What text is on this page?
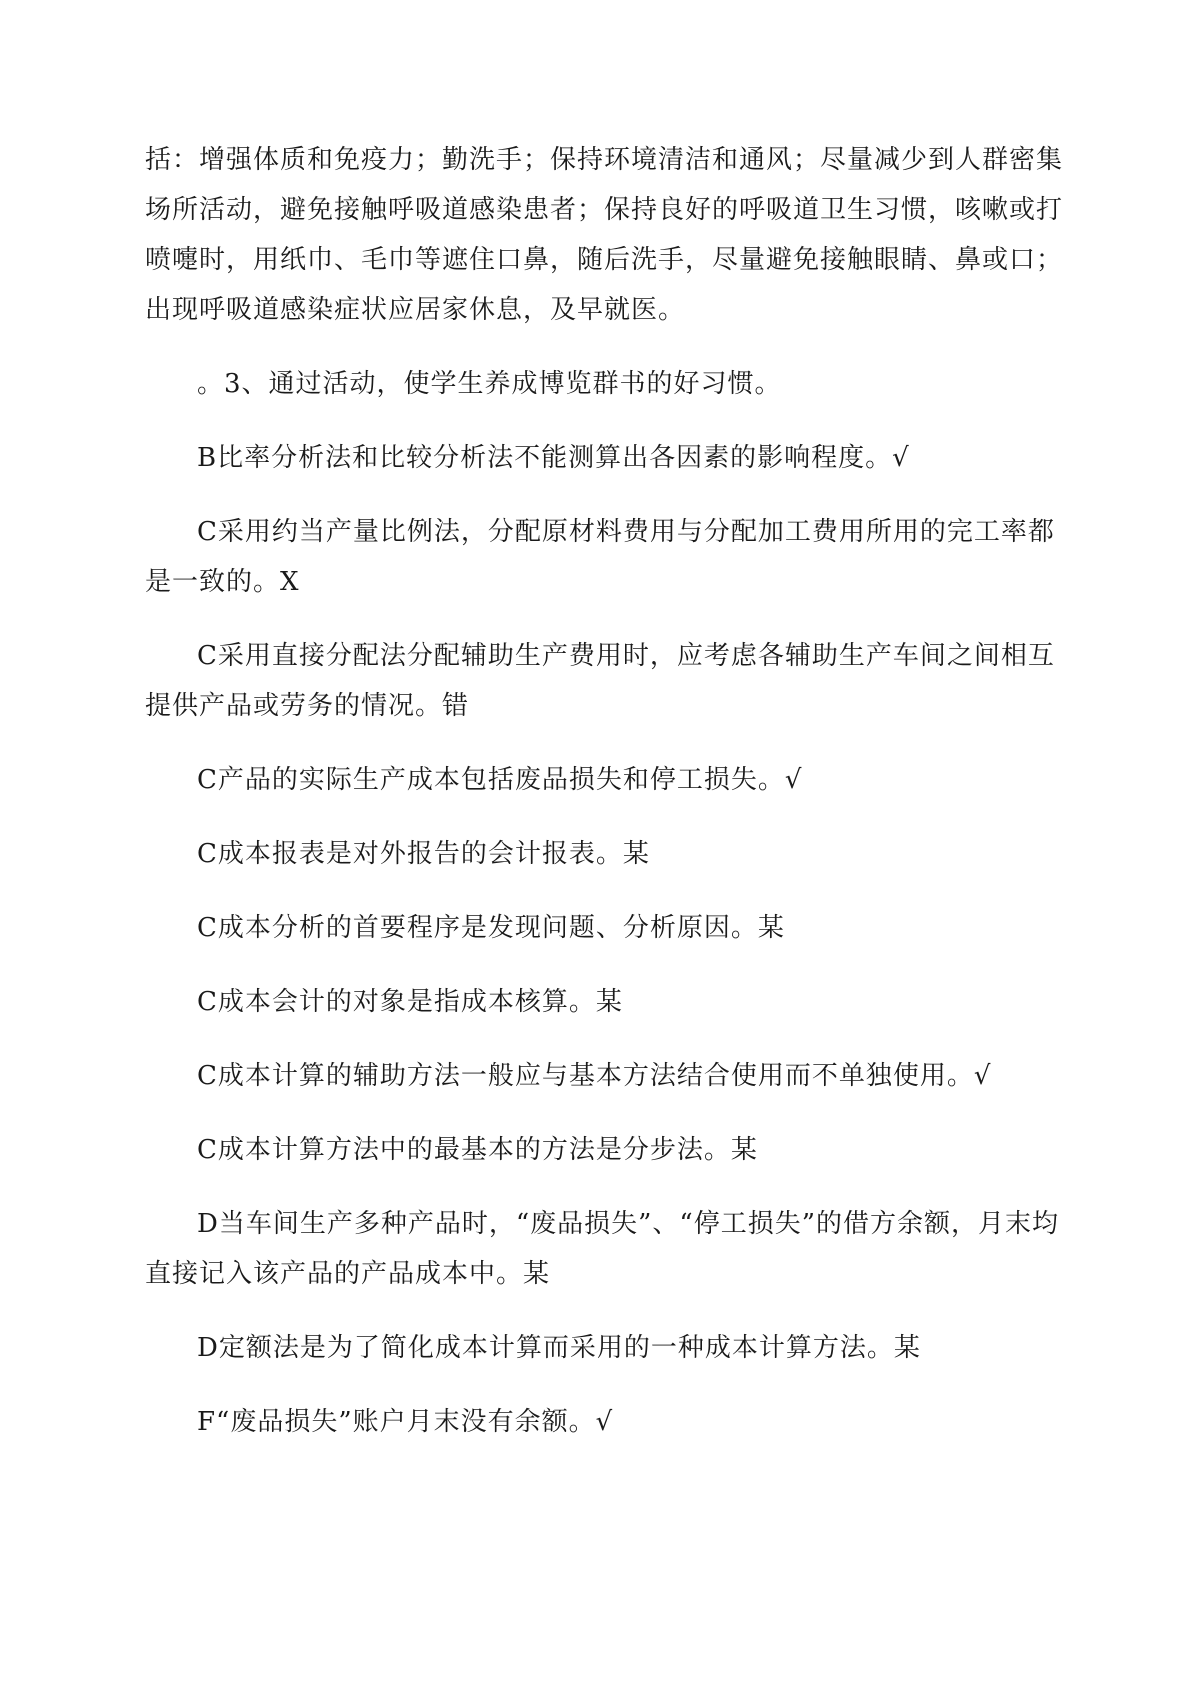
括：增强体质和免疫力；勤洗手；保持环境清洁和通风；尽量减少到人群密集场所活动，避免接触呼吸道感染患者；保持良好的呼吸道卫生习惯，咳嗽或打喷嚏时，用纸巾、毛巾等遮住口鼻，随后洗手，尽量避免接触眼睛、鼻或口；出现呼吸道感染症状应居家休息，及早就医。

。3、通过活动，使学生养成博览群书的好习惯。

B比率分析法和比较分析法不能测算出各因素的影响程度。√

C采用约当产量比例法，分配原材料费用与分配加工费用所用的完工率都是一致的。X

C采用直接分配法分配辅助生产费用时，应考虑各辅助生产车间之间相互提供产品或劳务的情况。错

C产品的实际生产成本包括废品损失和停工损失。√

C成本报表是对外报告的会计报表。某

C成本分析的首要程序是发现问题、分析原因。某

C成本会计的对象是指成本核算。某

C成本计算的辅助方法一般应与基本方法结合使用而不单独使用。√

C成本计算方法中的最基本的方法是分步法。某

D当车间生产多种产品时，“废品损失”、“停工损失”的借方余额，月末均直接记入该产品的产品成本中。某

D定额法是为了简化成本计算而采用的一种成本计算方法。某

F“废品损失”账户月末没有余额。√
